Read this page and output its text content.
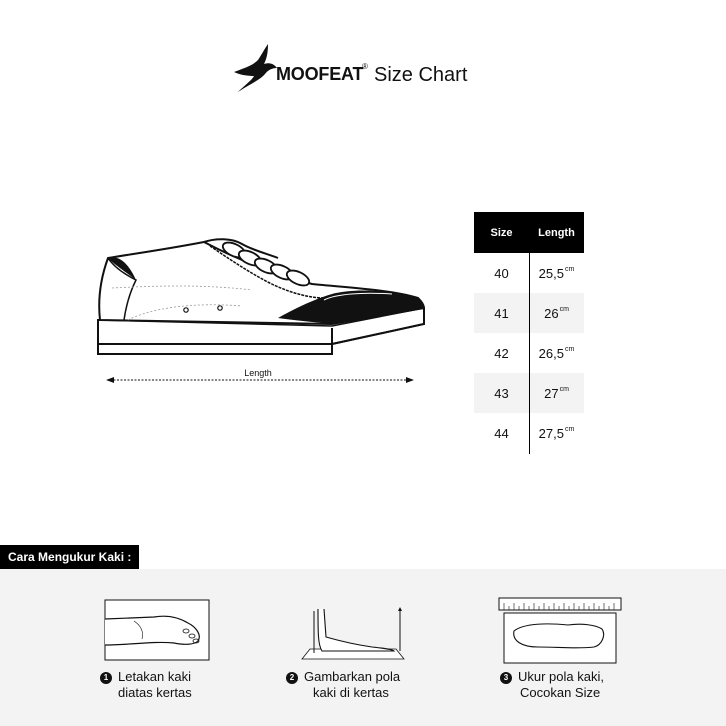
MOOFEAT
® Size Chart
Length
Size	Length
40	$25,5^{cm}$
41	$26^{cm}$
42	$26,5^{cm}$
43	$27^{cm}$
44	$27,5^{cm}$
Cara Mengukur Kaki :
1 Letakan kaki
diatas kertas
2 Gambarkan pola
kaki di kertas
3 Ukur pola kaki,
Cocokan Size
